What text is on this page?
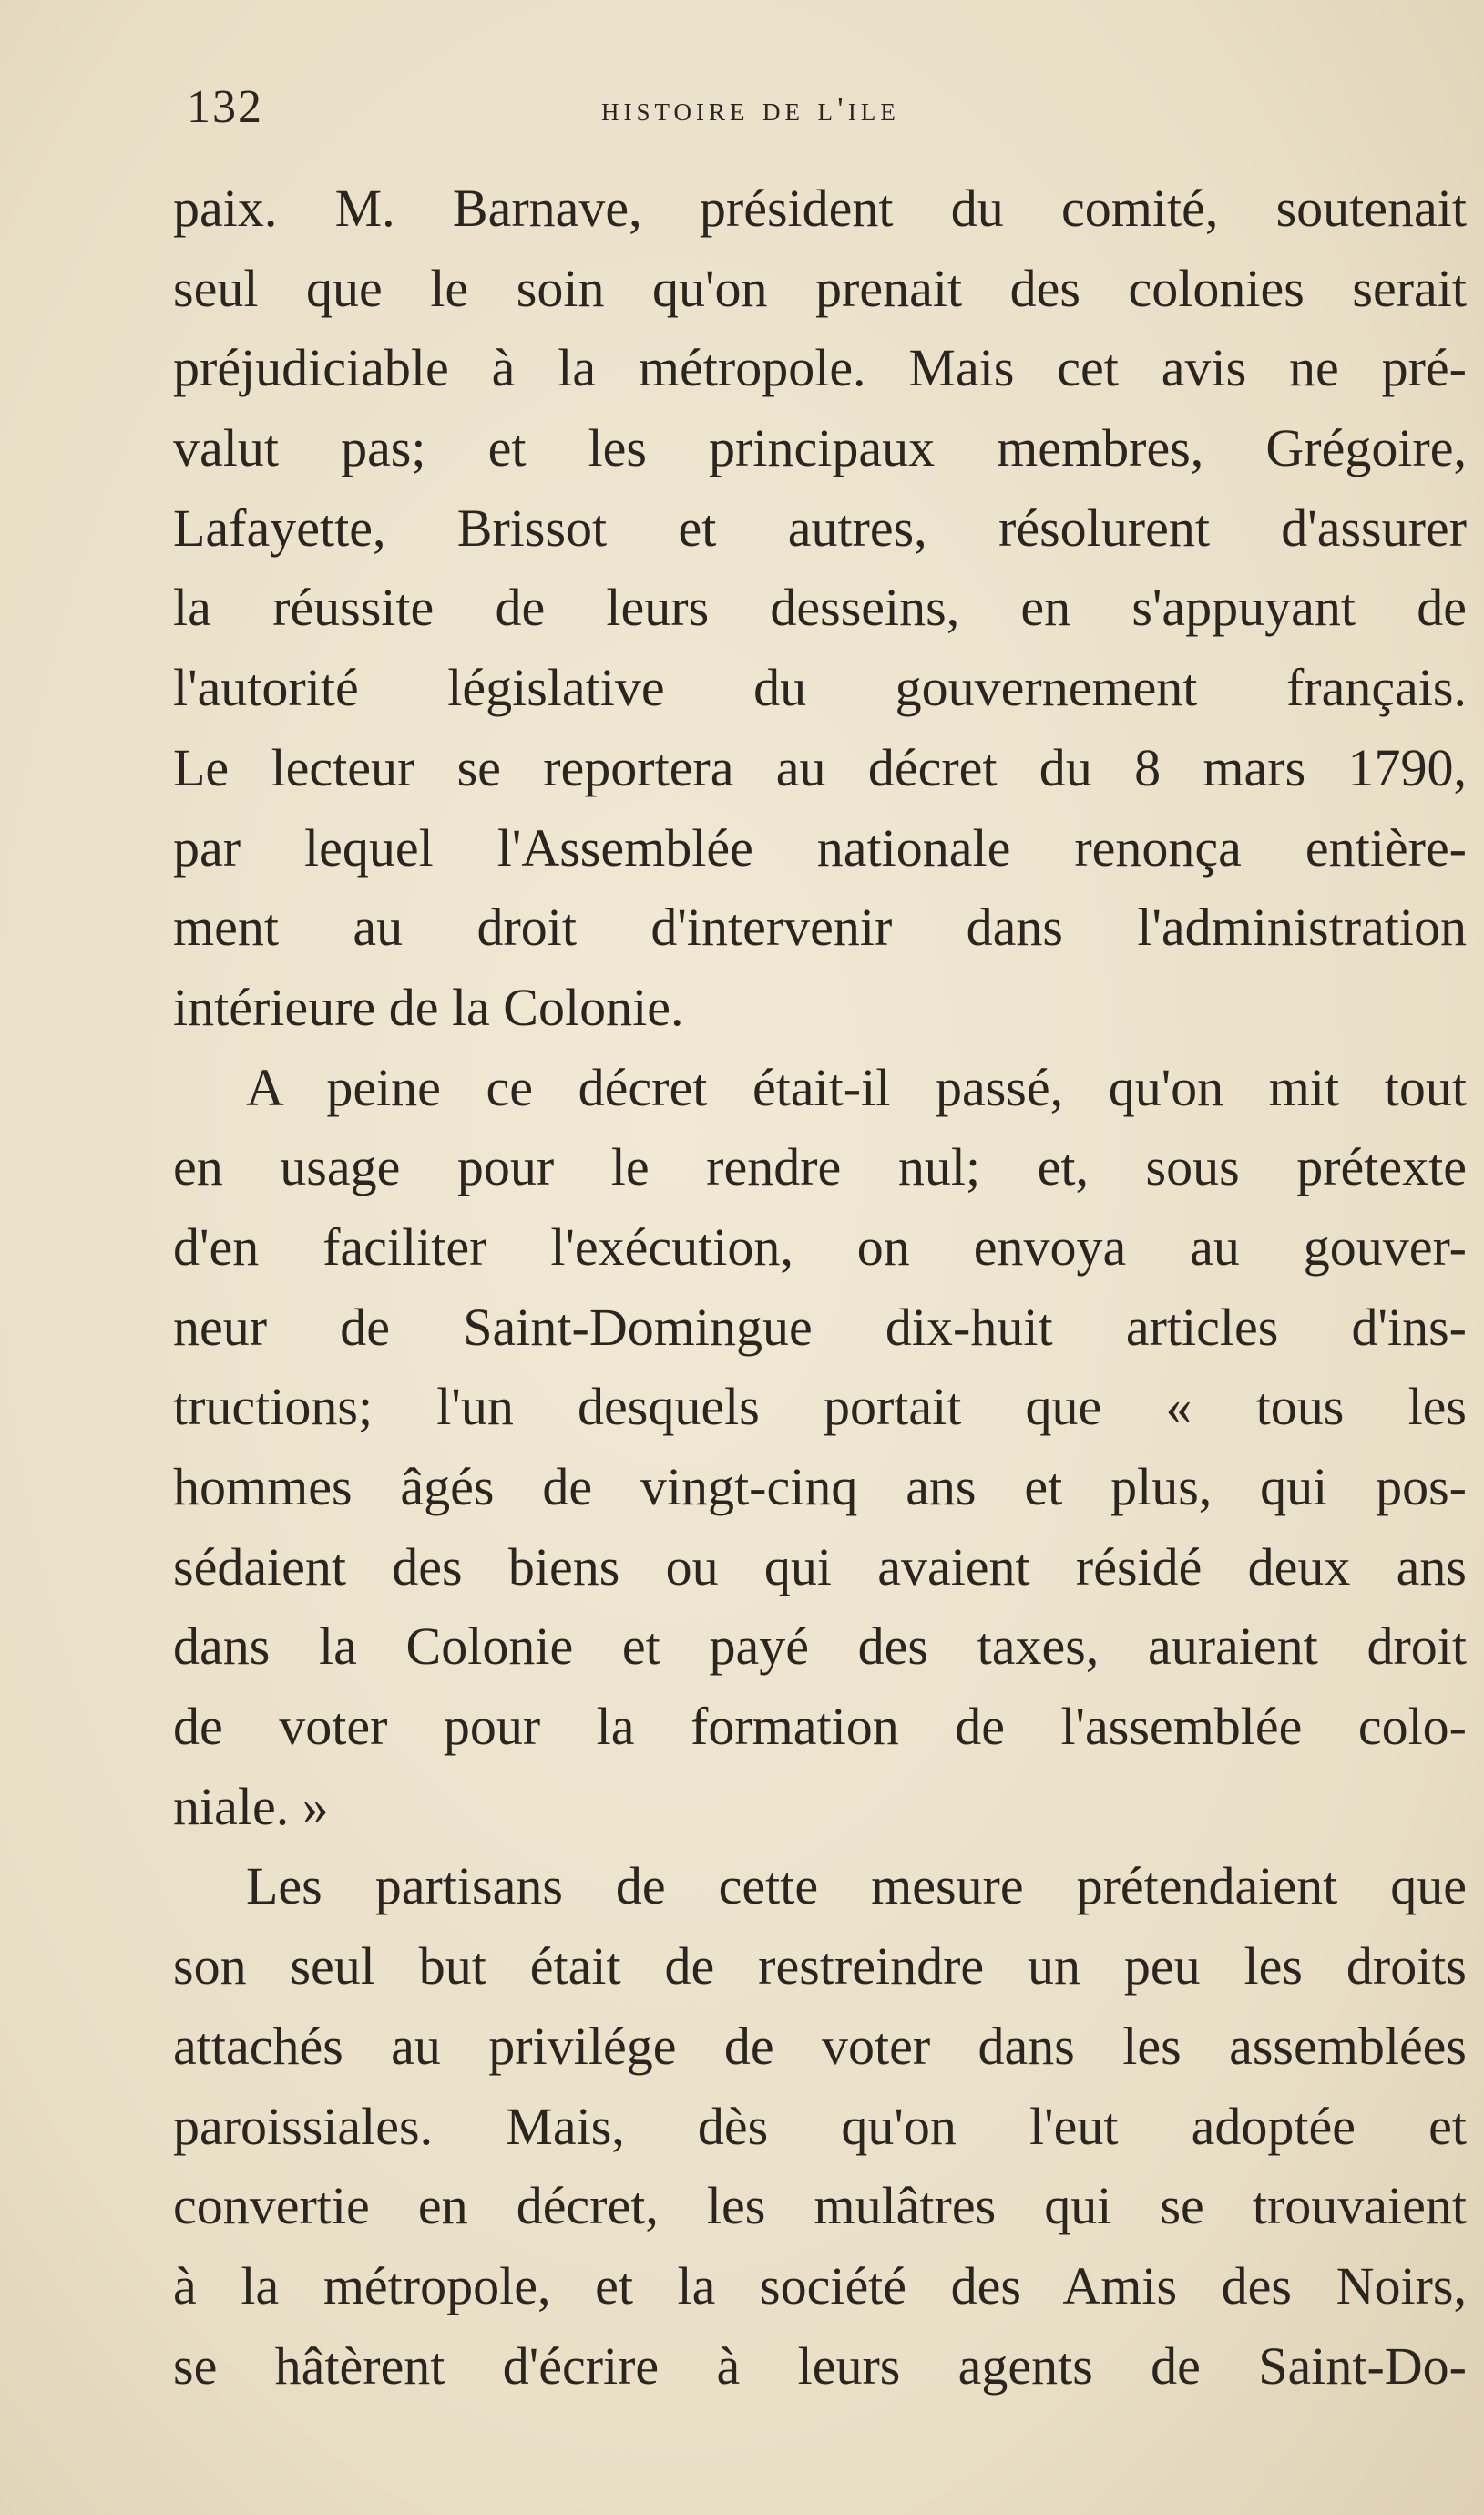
132	histoire de l'ile
paix. M. Barnave, président du comité, soutenait
seul que le soin qu'on prenait des colonies serait
préjudiciable à la métropole. Mais cet avis ne pré-
valut pas; et les principaux membres, Grégoire,
Lafayette, Brissot et autres, résolurent d'assurer
la réussite de leurs desseins, en s'appuyant de
l'autorité législative du gouvernement français.
Le lecteur se reportera au décret du 8 mars 1790,
par lequel l'Assemblée nationale renonça entière-
ment au droit d'intervenir dans l'administration
intérieure de la Colonie.
A peine ce décret était-il passé, qu'on mit tout
en usage pour le rendre nul; et, sous prétexte
d'en faciliter l'exécution, on envoya au gouver-
neur de Saint-Domingue dix-huit articles d'ins-
tructions; l'un desquels portait que « tous les
hommes âgés de vingt-cinq ans et plus, qui pos-
sédaient des biens ou qui avaient résidé deux ans
dans la Colonie et payé des taxes, auraient droit
de voter pour la formation de l'assemblée colo-
niale. »
Les partisans de cette mesure prétendaient que
son seul but était de restreindre un peu les droits
attachés au privilége de voter dans les assemblées
paroissiales. Mais, dès qu'on l'eut adoptée et
convertie en décret, les mulâtres qui se trouvaient
à la métropole, et la société des Amis des Noirs,
se hâtèrent d'écrire à leurs agents de Saint-Do-
